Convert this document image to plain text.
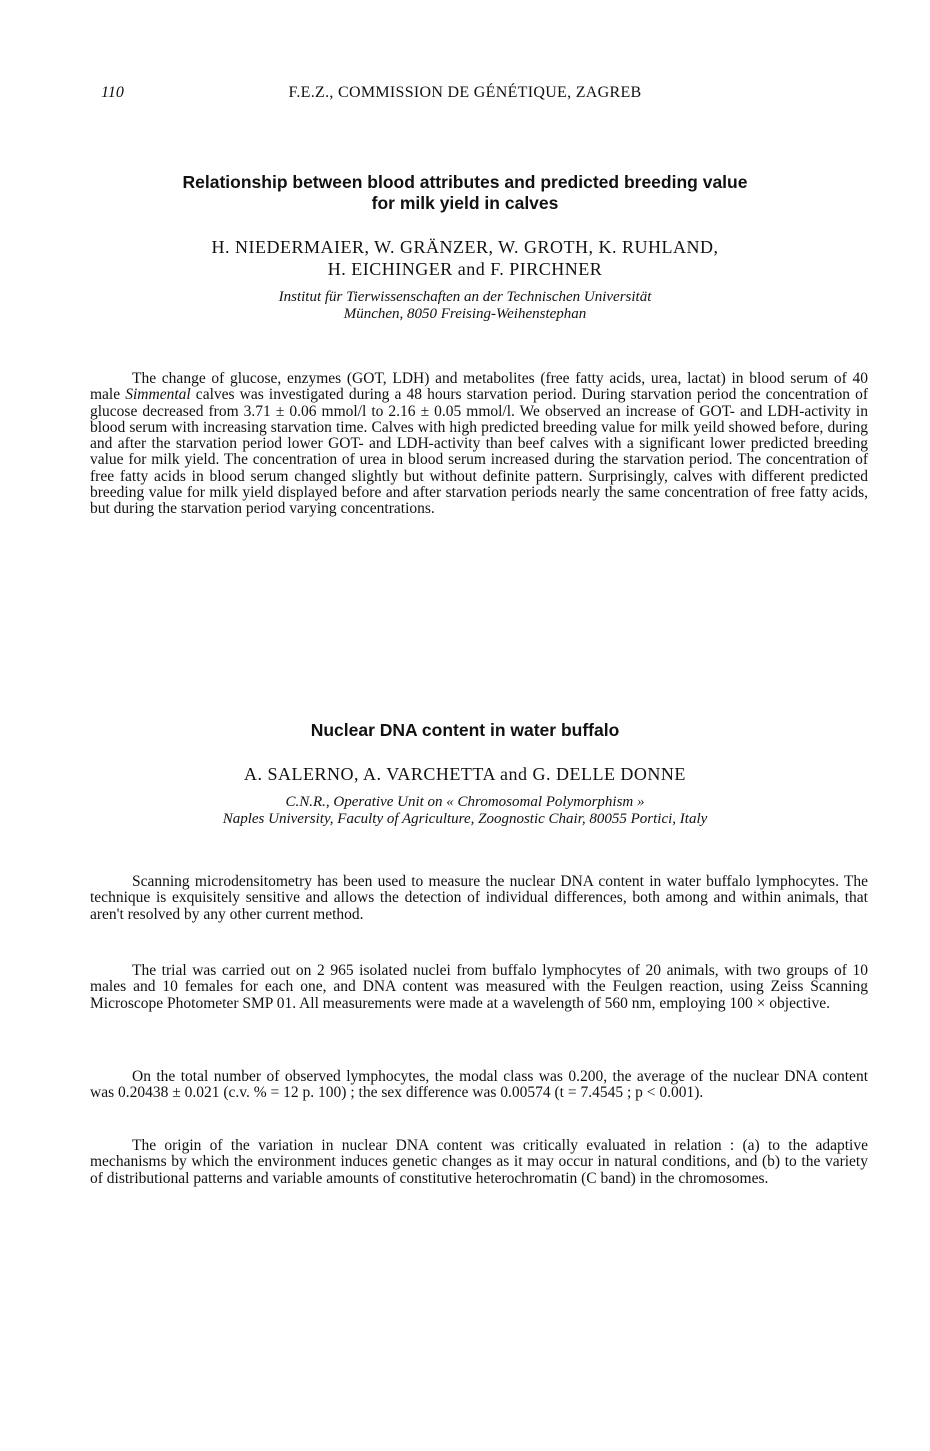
110	F.E.Z., COMMISSION DE GÉNÉTIQUE, ZAGREB
Relationship between blood attributes and predicted breeding value
for milk yield in calves
H. NIEDERMAIER, W. GRÄNZER, W. GROTH, K. RUHLAND,
H. EICHINGER and F. PIRCHNER
Institut für Tierwissenschaften an der Technischen Universität
München, 8050 Freising-Weihenstephan

The change of glucose, enzymes (GOT, LDH) and metabolites (free fatty acids, urea, lactat) in blood serum of 40 male Simmental calves was investigated during a 48 hours starvation period. During starvation period the concentration of glucose decreased from 3.71 ± 0.06 mmol/l to 2.16 ± 0.05 mmol/l. We observed an increase of GOT- and LDH-activity in blood serum with increasing starvation time. Calves with high predicted breeding value for milk yeild showed before, during and after the starvation period lower GOT- and LDH-activity than beef calves with a significant lower predicted breeding value for milk yield. The concentration of urea in blood serum increased during the starvation period. The concentration of free fatty acids in blood serum changed slightly but without definite pattern. Surprisingly, calves with different predicted breeding value for milk yield displayed before and after starvation periods nearly the same concentration of free fatty acids, but during the starvation period varying concentrations.

Nuclear DNA content in water buffalo
A. SALERNO, A. VARCHETTA and G. DELLE DONNE
C.N.R., Operative Unit on « Chromosomal Polymorphism »
Naples University, Faculty of Agriculture, Zoognostic Chair, 80055 Portici, Italy

Scanning microdensitometry has been used to measure the nuclear DNA content in water buffalo lymphocytes. The technique is exquisitely sensitive and allows the detection of individual differences, both among and within animals, that aren't resolved by any other current method.

The trial was carried out on 2 965 isolated nuclei from buffalo lymphocytes of 20 animals, with two groups of 10 males and 10 females for each one, and DNA content was measured with the Feulgen reaction, using Zeiss Scanning Microscope Photometer SMP 01. All measurements were made at a wavelength of 560 nm, employing 100 × objective.

On the total number of observed lymphocytes, the modal class was 0.200, the average of the nuclear DNA content was 0.20438 ± 0.021 (c.v. % = 12 p. 100) ; the sex difference was 0.00574 (t = 7.4545 ; p < 0.001).

The origin of the variation in nuclear DNA content was critically evaluated in relation : (a) to the adaptive mechanisms by which the environment induces genetic changes as it may occur in natural conditions, and (b) to the variety of distributional patterns and variable amounts of constitutive heterochromatin (C band) in the chromosomes.
